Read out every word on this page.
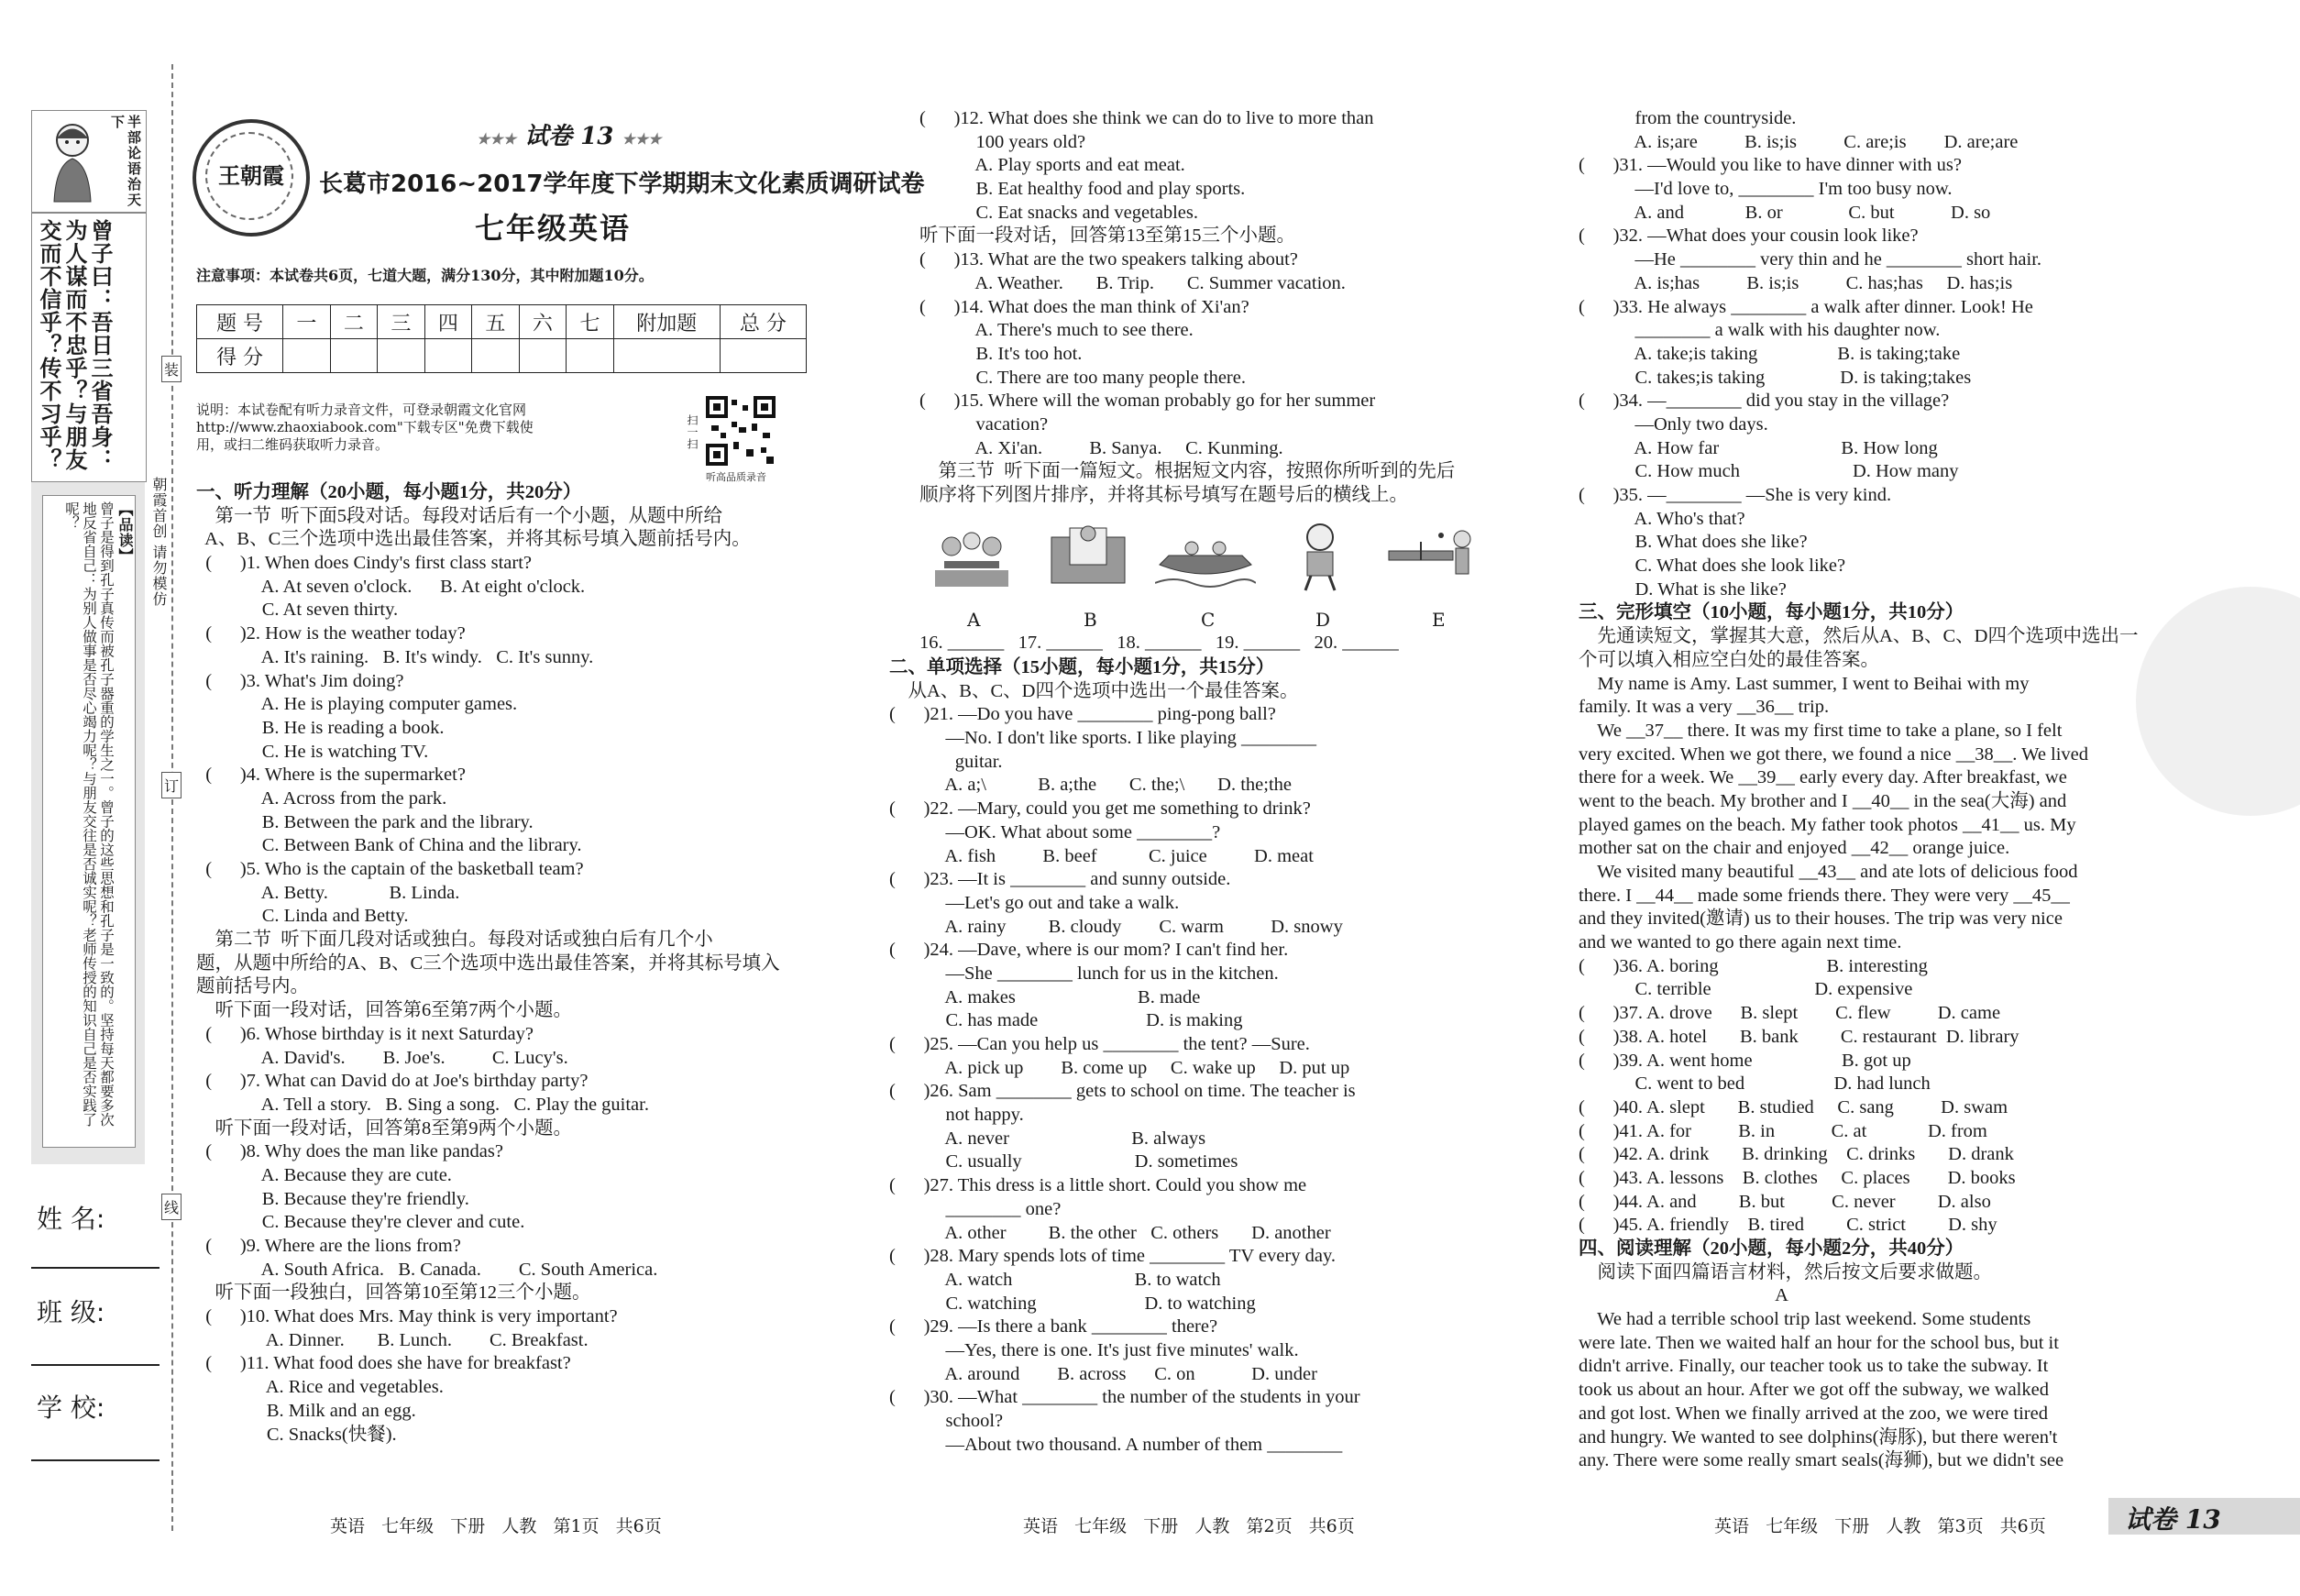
半部论语治天下
曾子曰：吾日三省吾身：为人谋而不忠乎？与朋友交而不信乎？传不习乎？
【品读】
曾子是得到孔子真传而被孔子器重的学生之一。曾子的这些思想和孔子是一致的。坚持每天都要多次地反省自己：为别人做事是否尽心竭力呢？与朋友交往是否诚实呢？老师传授的知识自己是否实践了呢？	朝霞首创 请勿模仿
装
订
线
姓 名:
班 级:
学 校:
王朝霞
★★★ 试卷 13 ★★★
长葛市2016~2017学年度下学期期末文化素质调研试卷
七年级英语
注意事项：本试卷共6页，七道大题，满分130分，其中附加题10分。
题 号	一	二	三	四	五	六	七	附加题	总 分
得 分									
说明：本试卷配有听力录音文件，可登录朝霞文化官网
http://www.zhaoxiabook.com"下载专区"免费下载使
用，或扫二维码获取听力录音。	扫一扫
听高品质录音
一、听力理解（20小题，每小题1分，共20分）
第一节  听下面5段对话。每段对话后有一个小题，从题中所给
A、B、C三个选项中选出最佳答案，并将其标号填入题前括号内。
(      )1. When does Cindy's first class start?
A. At seven o'clock.      B. At eight o'clock.
C. At seven thirty.
(      )2. How is the weather today?
A. It's raining.   B. It's windy.   C. It's sunny.
(      )3. What's Jim doing?
A. He is playing computer games.
B. He is reading a book.
C. He is watching TV.
(      )4. Where is the supermarket?
A. Across from the park.
B. Between the park and the library.
C. Between Bank of China and the library.
(      )5. Who is the captain of the basketball team?
A. Betty.             B. Linda.
C. Linda and Betty.
第二节  听下面几段对话或独白。每段对话或独白后有几个小
题，从题中所给的A、B、C三个选项中选出最佳答案，并将其标号填入
题前括号内。
听下面一段对话，回答第6至第7两个小题。
(      )6. Whose birthday is it next Saturday?
A. David's.        B. Joe's.          C. Lucy's.
(      )7. What can David do at Joe's birthday party?
A. Tell a story.   B. Sing a song.   C. Play the guitar.
听下面一段对话，回答第8至第9两个小题。
(      )8. Why does the man like pandas?
A. Because they are cute.
B. Because they're friendly.
C. Because they're clever and cute.
(      )9. Where are the lions from?
A. South Africa.   B. Canada.        C. South America.
听下面一段独白，回答第10至第12三个小题。
(      )10. What does Mrs. May think is very important?
A. Dinner.       B. Lunch.        C. Breakfast.
(      )11. What food does she have for breakfast?
A. Rice and vegetables.
B. Milk and an egg.
C. Snacks(快餐).
(      )12. What does she think we can do to live to more than
100 years old?
A. Play sports and eat meat.
B. Eat healthy food and play sports.
C. Eat snacks and vegetables.
听下面一段对话，回答第13至第15三个小题。
(      )13. What are the two speakers talking about?
A. Weather.       B. Trip.       C. Summer vacation.
(      )14. What does the man think of Xi'an?
A. There's much to see there.
B. It's too hot.
C. There are too many people there.
(      )15. Where will the woman probably go for her summer
vacation?
A. Xi'an.          B. Sanya.     C. Kunming.
第三节  听下面一篇短文。根据短文内容，按照你所听到的先后
顺序将下列图片排序，并将其标号填写在题号后的横线上。
A	B	C	D	E
16. ______   17. ______   18. ______   19. ______   20. ______
二、单项选择（15小题，每小题1分，共15分）
从A、B、C、D四个选项中选出一个最佳答案。
(      )21. —Do you have ________ ping-pong ball?
—No. I don't like sports. I like playing ________
guitar.
A. a;\           B. a;the       C. the;\       D. the;the
(      )22. —Mary, could you get me something to drink?
—OK. What about some ________?
A. fish          B. beef           C. juice          D. meat
(      )23. —It is ________ and sunny outside.
—Let's go out and take a walk.
A. rainy         B. cloudy        C. warm          D. snowy
(      )24. —Dave, where is our mom? I can't find her.
—She ________ lunch for us in the kitchen.
A. makes                          B. made
C. has made                       D. is making
(      )25. —Can you help us ________ the tent? —Sure.
A. pick up        B. come up     C. wake up     D. put up
(      )26. Sam ________ gets to school on time. The teacher is
not happy.
A. never                          B. always
C. usually                        D. sometimes
(      )27. This dress is a little short. Could you show me
________ one?
A. other         B. the other   C. others       D. another
(      )28. Mary spends lots of time ________ TV every day.
A. watch                          B. to watch
C. watching                       D. to watching
(      )29. —Is there a bank ________ there?
—Yes, there is one. It's just five minutes' walk.
A. around        B. across      C. on            D. under
(      )30. —What ________ the number of the students in your
school?
—About two thousand. A number of them ________
from the countryside.
A. is;are          B. is;is          C. are;is        D. are;are
(      )31. —Would you like to have dinner with us?
—I'd love to, ________ I'm too busy now.
A. and             B. or              C. but            D. so
(      )32. —What does your cousin look like?
—He ________ very thin and he ________ short hair.
A. is;has          B. is;is          C. has;has     D. has;is
(      )33. He always ________ a walk after dinner. Look! He
________ a walk with his daughter now.
A. take;is taking                 B. is taking;take
C. takes;is taking                D. is taking;takes
(      )34. —________ did you stay in the village?
—Only two days.
A. How far                          B. How long
C. How much                        D. How many
(      )35. —________ —She is very kind.
A. Who's that?
B. What does she like?
C. What does she look like?
D. What is she like?
三、完形填空（10小题，每小题1分，共10分）
先通读短文，掌握其大意，然后从A、B、C、D四个选项中选出一
个可以填入相应空白处的最佳答案。
My name is Amy. Last summer, I went to Beihai with my
family. It was a very __36__ trip.
We __37__ there. It was my first time to take a plane, so I felt
very excited. When we got there, we found a nice __38__. We lived
there for a week. We __39__ early every day. After breakfast, we
went to the beach. My brother and I __40__ in the sea(大海) and
played games on the beach. My father took photos __41__ us. My
mother sat on the chair and enjoyed __42__ orange juice.
We visited many beautiful __43__ and ate lots of delicious food
there. I __44__ made some friends there. They were very __45__
and they invited(邀请) us to their houses. The trip was very nice
and we wanted to go there again next time.
(      )36. A. boring                       B. interesting
C. terrible                      D. expensive
(      )37. A. drove      B. slept        C. flew          D. came
(      )38. A. hotel       B. bank         C. restaurant  D. library
(      )39. A. went home                   B. got up
C. went to bed                   D. had lunch
(      )40. A. slept       B. studied     C. sang          D. swam
(      )41. A. for          B. in            C. at             D. from
(      )42. A. drink       B. drinking    C. drinks       D. drank
(      )43. A. lessons    B. clothes     C. places        D. books
(      )44. A. and         B. but          C. never         D. also
(      )45. A. friendly    B. tired         C. strict         D. shy
四、阅读理解（20小题，每小题2分，共40分）
阅读下面四篇语言材料，然后按文后要求做题。
A
We had a terrible school trip last weekend. Some students
were late. Then we waited half an hour for the school bus, but it
didn't arrive. Finally, our teacher took us to take the subway. It
took us about an hour. After we got off the subway, we walked
and got lost. When we finally arrived at the zoo, we were tired
and hungry. We wanted to see dolphins(海豚), but there weren't
any. There were some really smart seals(海狮), but we didn't see
英语   七年级   下册   人教   第1页   共6页	英语   七年级   下册   人教   第2页   共6页	英语   七年级   下册   人教   第3页   共6页	试卷 13
